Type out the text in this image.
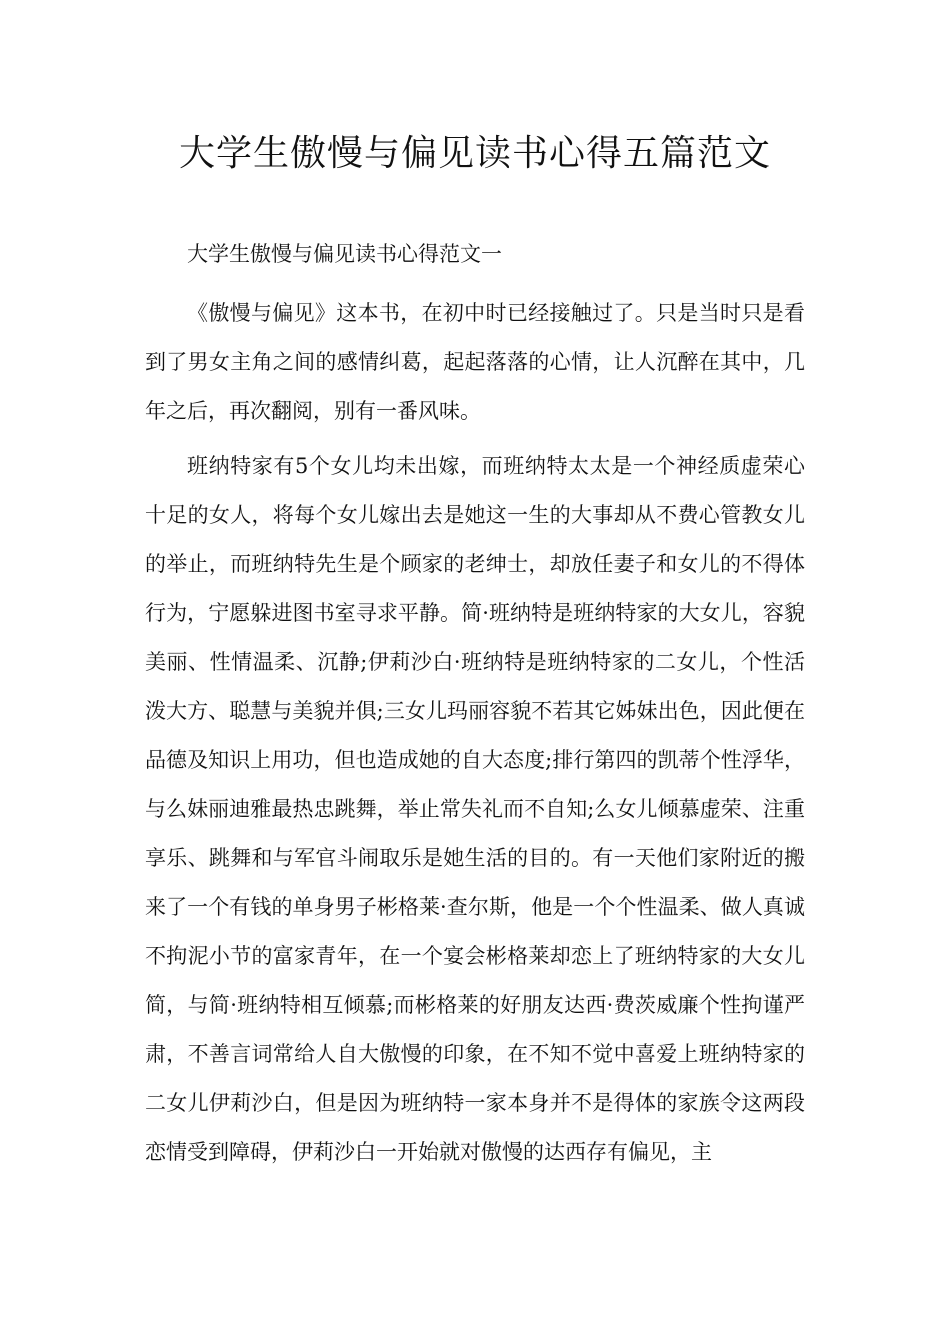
大学生傲慢与偏见读书心得五篇范文

大学生傲慢与偏见读书心得范文一

《傲慢与偏见》这本书，在初中时已经接触过了。只是当时只是看到了男女主角之间的感情纠葛，起起落落的心情，让人沉醉在其中，几年之后，再次翻阅，别有一番风味。

班纳特家有5个女儿均未出嫁，而班纳特太太是一个神经质虚荣心十足的女人，将每个女儿嫁出去是她这一生的大事却从不费心管教女儿的举止，而班纳特先生是个顾家的老绅士，却放任妻子和女儿的不得体行为，宁愿躲进图书室寻求平静。简·班纳特是班纳特家的大女儿，容貌美丽、性情温柔、沉静;伊莉沙白·班纳特是班纳特家的二女儿，个性活泼大方、聪慧与美貌并俱;三女儿玛丽容貌不若其它姊妹出色，因此便在品德及知识上用功，但也造成她的自大态度;排行第四的凯蒂个性浮华，与么妹丽迪雅最热忠跳舞，举止常失礼而不自知;么女儿倾慕虚荣、注重享乐、跳舞和与军官斗闹取乐是她生活的目的。有一天他们家附近的搬来了一个有钱的单身男子彬格莱·查尔斯，他是一个个性温柔、做人真诚不拘泥小节的富家青年，在一个宴会彬格莱却恋上了班纳特家的大女儿简，与简·班纳特相互倾慕;而彬格莱的好朋友达西·费茨威廉个性拘谨严肃，不善言词常给人自大傲慢的印象，在不知不觉中喜爱上班纳特家的二女儿伊莉沙白，但是因为班纳特一家本身并不是得体的家族令这两段恋情受到障碍，伊莉沙白一开始就对傲慢的达西存有偏见，主
